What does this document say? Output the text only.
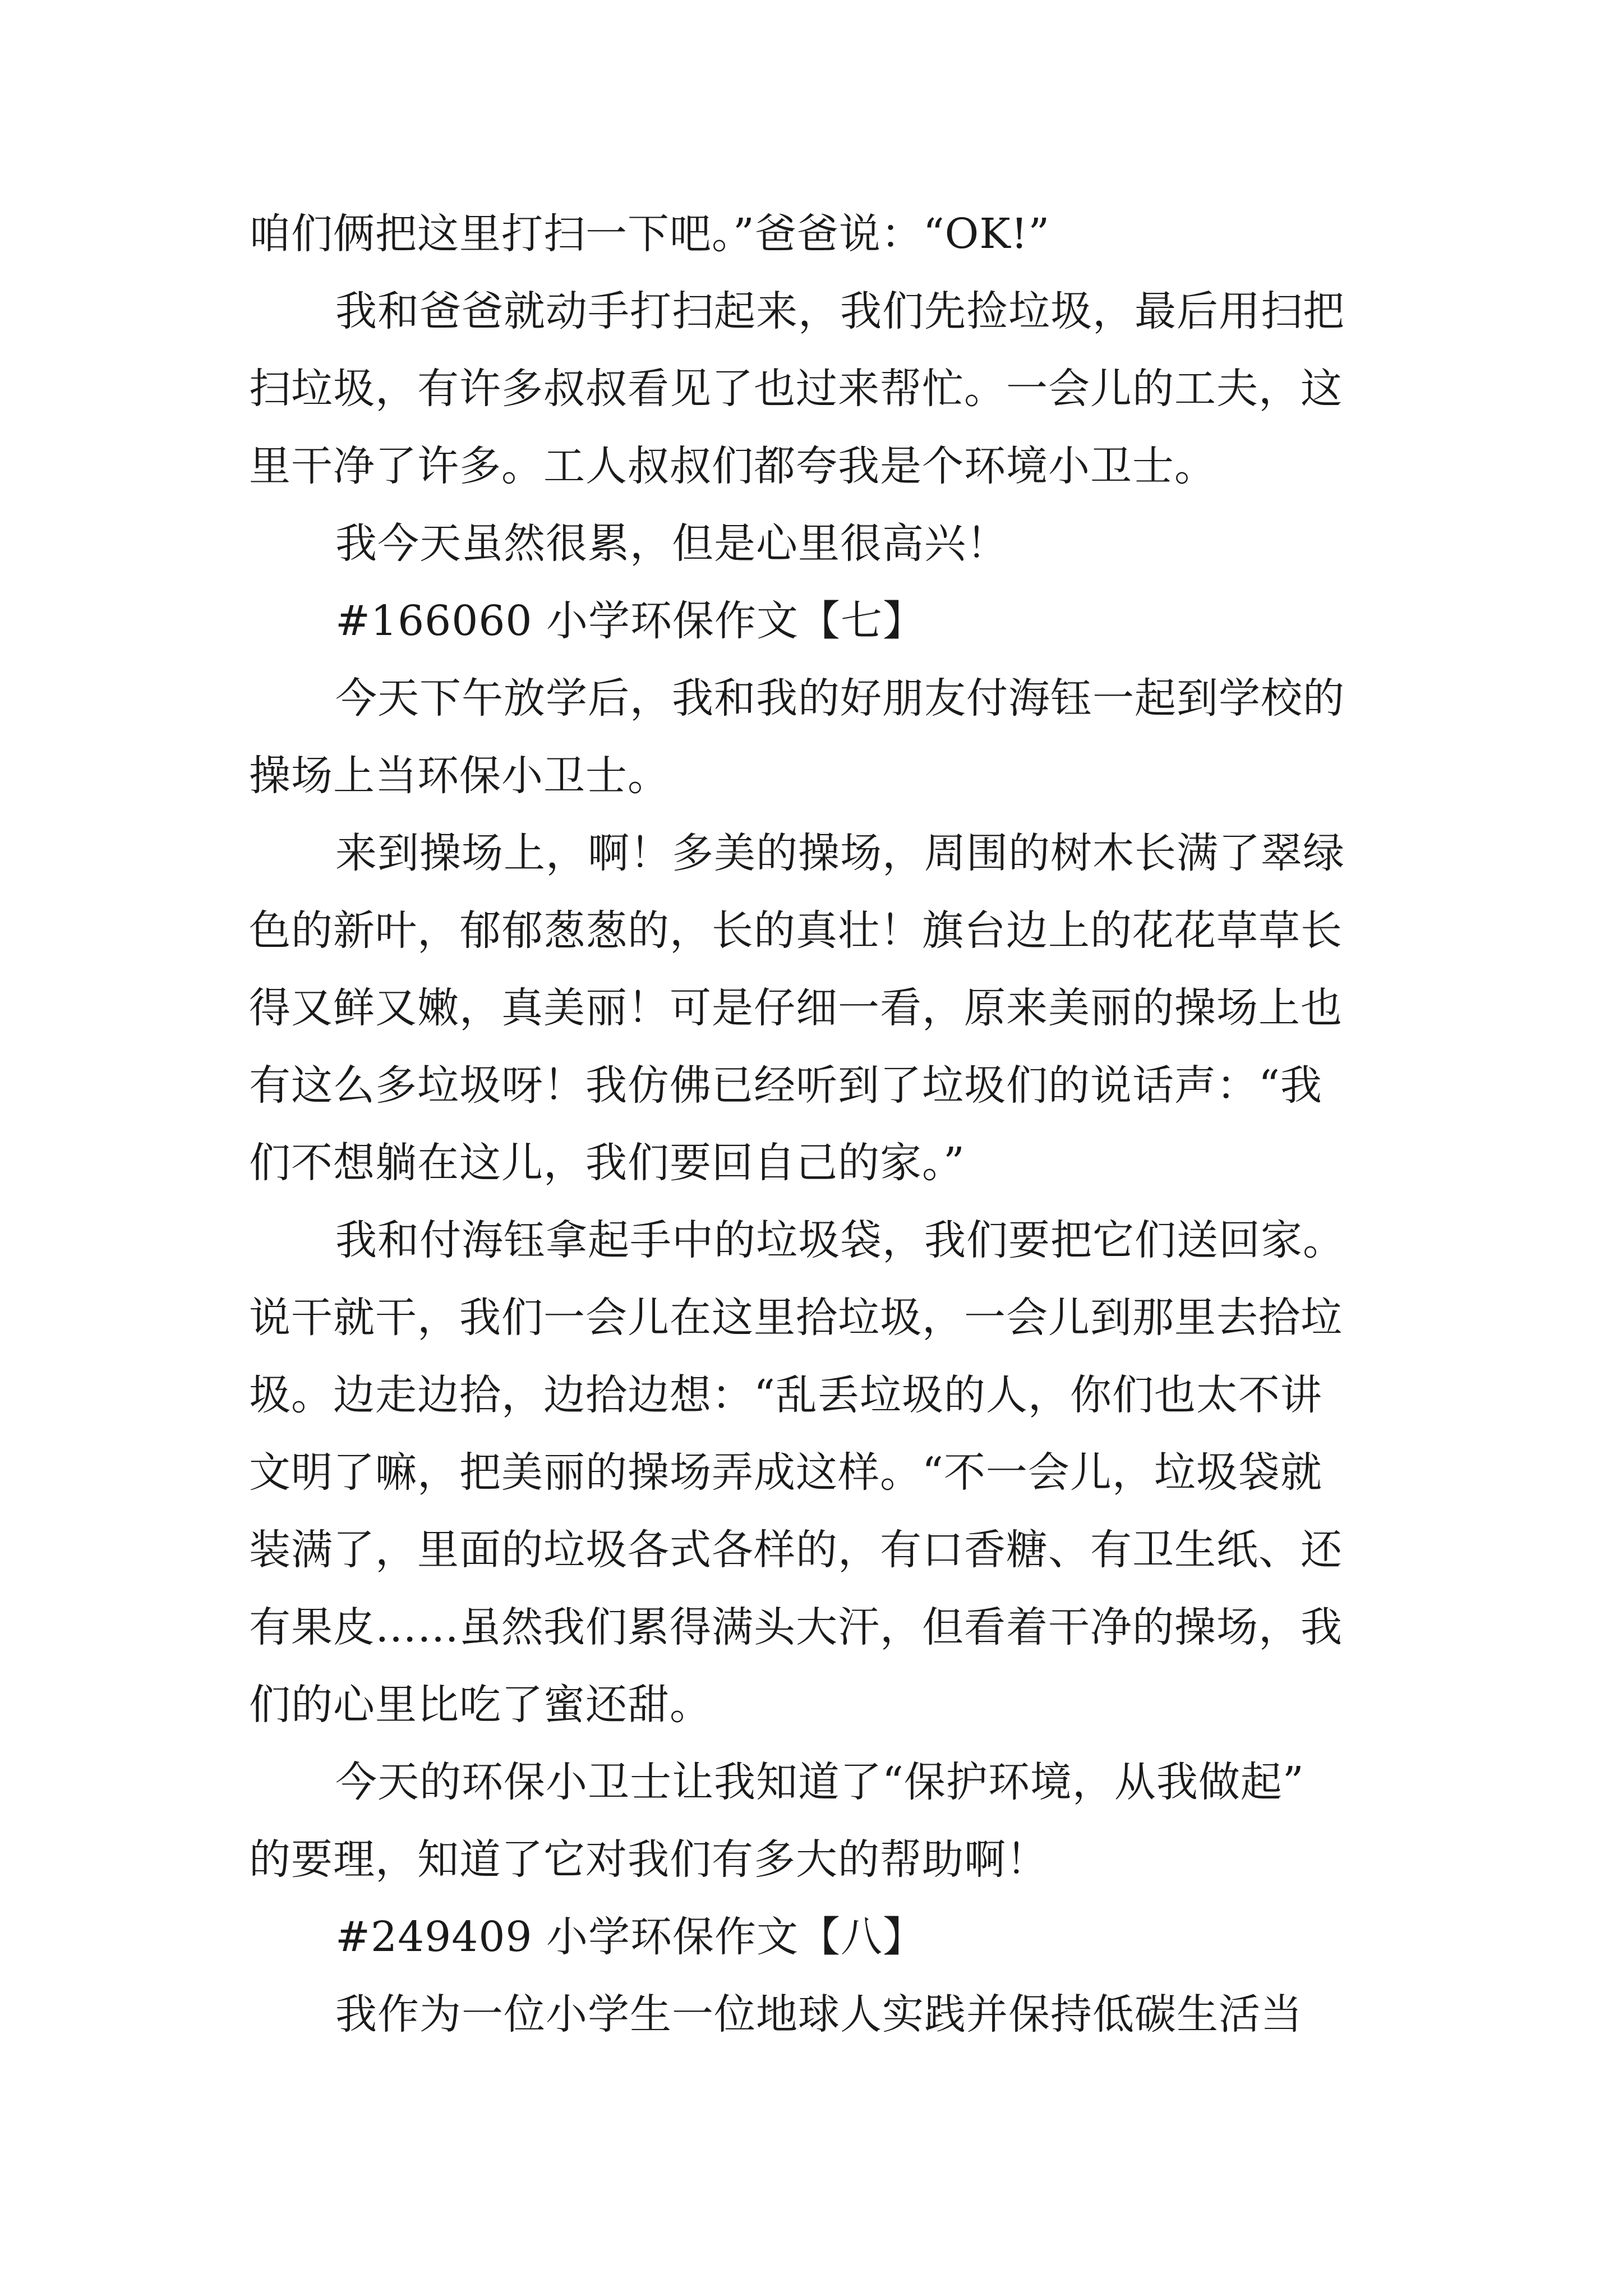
咱们俩把这里打扫一下吧。”爸爸说：“OK!”
我和爸爸就动手打扫起来，我们先捡垃圾，最后用扫把
扫垃圾，有许多叔叔看见了也过来帮忙。一会儿的工夫，这
里干净了许多。工人叔叔们都夸我是个环境小卫士。
我今天虽然很累，但是心里很高兴！
#166060 小学环保作文【七】
今天下午放学后，我和我的好朋友付海钰一起到学校的
操场上当环保小卫士。
来到操场上，啊！多美的操场，周围的树木长满了翠绿
色的新叶，郁郁葱葱的，长的真壮！旗台边上的花花草草长
得又鲜又嫩，真美丽！可是仔细一看，原来美丽的操场上也
有这么多垃圾呀！我仿佛已经听到了垃圾们的说话声：“我
们不想躺在这儿，我们要回自己的家。”
我和付海钰拿起手中的垃圾袋，我们要把它们送回家。
说干就干，我们一会儿在这里拾垃圾，一会儿到那里去拾垃
圾。边走边拾，边拾边想：“乱丢垃圾的人，你们也太不讲
文明了嘛，把美丽的操场弄成这样。“不一会儿，垃圾袋就
装满了，里面的垃圾各式各样的，有口香糖、有卫生纸、还
有果皮……虽然我们累得满头大汗，但看着干净的操场，我
们的心里比吃了蜜还甜。
今天的环保小卫士让我知道了“保护环境，从我做起”
的要理，知道了它对我们有多大的帮助啊！
#249409 小学环保作文【八】
我作为一位小学生一位地球人实践并保持低碳生活当
